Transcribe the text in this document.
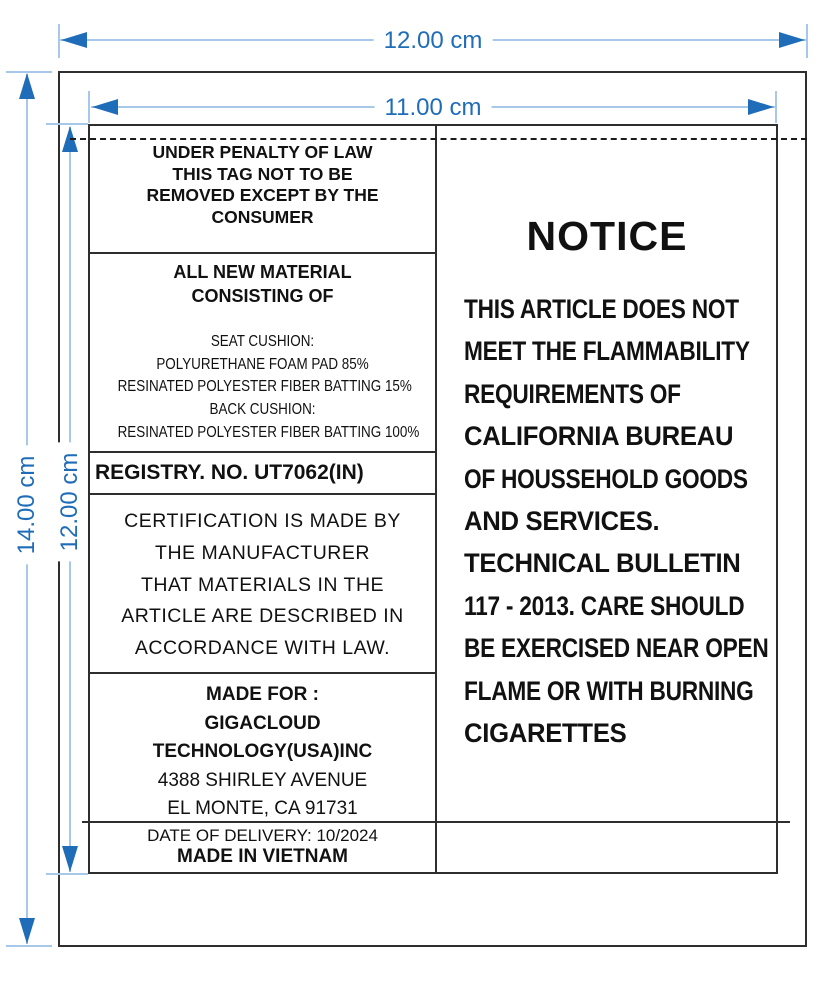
12.00 cm
11.00 cm
14.00 cm 12.00 cm
UNDER PENALTY OF LAW
THIS TAG NOT TO BE
REMOVED EXCEPT BY THE
CONSUMER
ALL NEW MATERIAL
CONSISTING OF
SEAT CUSHION:
POLYURETHANE FOAM PAD 85%
RESINATED POLYESTER FIBER BATTING 15%
BACK CUSHION:
RESINATED POLYESTER FIBER BATTING 100%
REGISTRY. NO. UT7062(IN)
CERTIFICATION IS MADE BY
THE MANUFACTURER
THAT MATERIALS IN THE
ARTICLE ARE DESCRIBED IN
ACCORDANCE WITH LAW.
MADE FOR :
GIGACLOUD
TECHNOLOGY(USA)INC
4388 SHIRLEY AVENUE
EL MONTE, CA 91731
DATE OF DELIVERY: 10/2024
MADE IN VIETNAM
NOTICE
THIS ARTICLE DOES NOT
MEET THE FLAMMABILITY
REQUIREMENTS OF
CALIFORNIA BUREAU
OF HOUSSEHOLD GOODS
AND SERVICES.
TECHNICAL BULLETIN
117 - 2013. CARE SHOULD
BE EXERCISED NEAR OPEN
FLAME OR WITH BURNING
CIGARETTES
